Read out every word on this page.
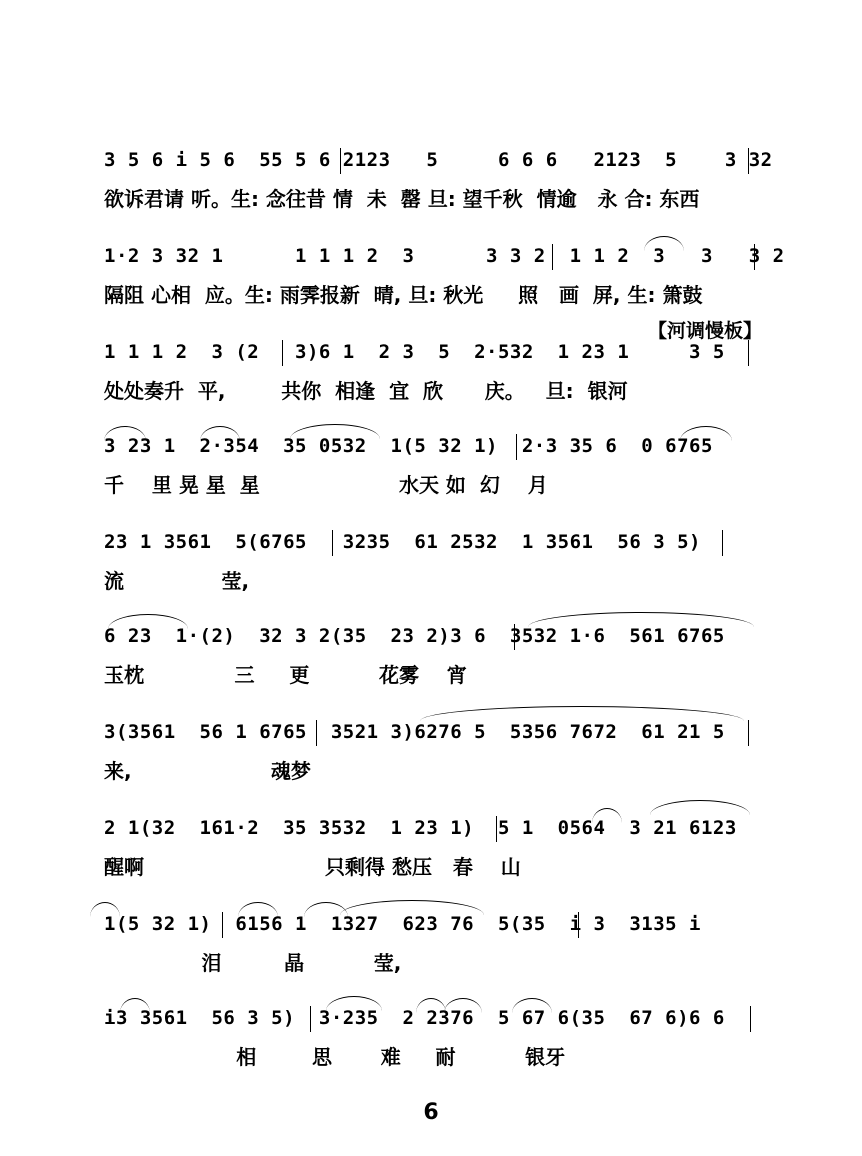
【河调慢板】
3 5 6 i 5 6  55 5 6 2123   5     6 6 6   2123  5    3 32
欲诉君请 听。生: 念往昔 情  未  罄 旦: 望千秋  情逾   永 合: 东西
1·2 3 32 1      1 1 1 2  3      3 3 2  1 1 2  3   3   3 2
隔阻 心相  应。生: 雨霁报新  晴, 旦: 秋光     照   画  屏, 生: 箫鼓
1 1 1 2  3 (2   3)6 1  2 3  5  2·532  1 23 1     3 5
处处奏升  平,        共你  相逢  宜  欣      庆。   旦:  银河
3 23 1  2·354  35 0532  1(5 32 1)  2·3 35 6  0 6765
千    里 晃 星  星                    水天 如  幻    月
23 1 3561  5(6765   3235  61 2532  1 3561  56 3 5)
流              莹,
6 23  1·(2)  32 3 2(35  23 2)3 6  3532 1·6  561 6765
玉枕             三     更          花雾    宵
3(3561  56 1 6765  3521 3)6276 5  5356 7672  61 21 5
来,                    魂梦
2 1(32  161·2  35 3532  1 23 1)  5 1  0564  3 21 6123
醒啊                          只剩得 愁压   春    山
1(5 32 1)  6156 1  1327  623 76  5(35  i 3  3135 i
泪         晶          莹,
i3 3561  56 3 5)  3·235  2 2376  5 67 6(35  67 6)6 6
相        思       难     耐          银牙
6
